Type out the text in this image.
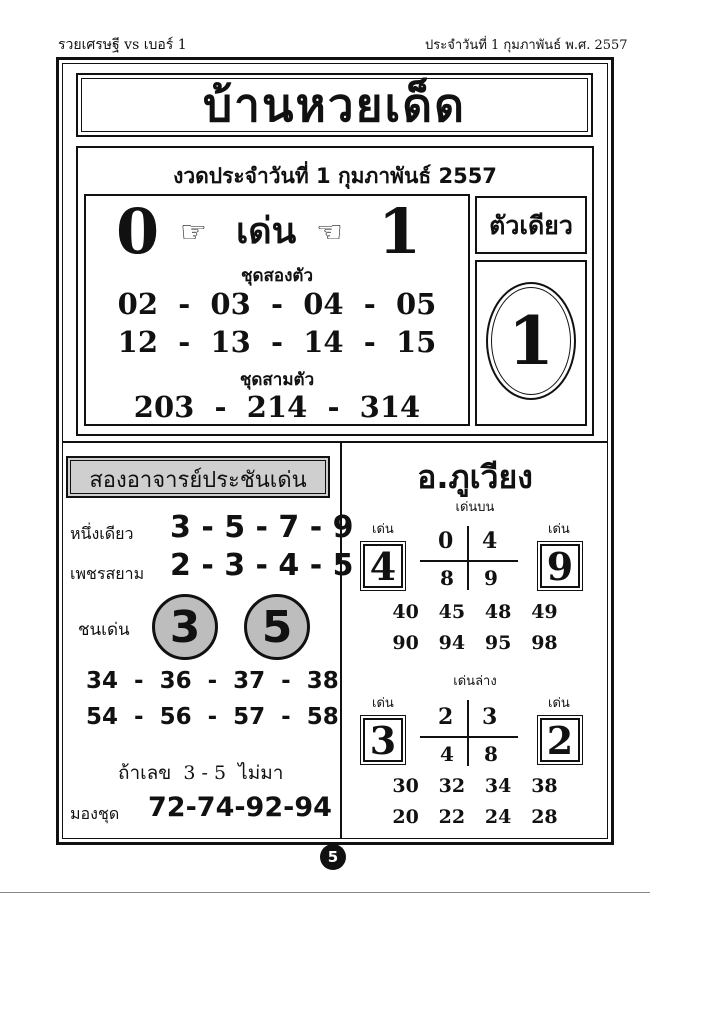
รวยเศรษฐี vs เบอร์ 1	ประจำวันที่ 1 กุมภาพันธ์ พ.ศ. 2557
บ้านหวยเด็ด
งวดประจำวันที่ 1 กุมภาพันธ์ 2557
0 ☞ เด่น ☜ 1
ชุดสองตัว
02  -  03  -  04  -  05
12  -  13  -  14  -  15
ชุดสามตัว
203  -  214  -  314
ตัวเดียว
1
สองอาจารย์ประชันเด่น
หนึ่งเดียว 3 - 5 - 7 - 9
เพชรสยาม 2 - 3 - 4 - 5
ชนเด่น 3 5
34  -  36  -  37  -  38
54  -  56  -  57  -  58
ถ้าเลข  3 - 5  ไม่มา
มองชุด 72-74-92-94
อ.ภูเวียง
เด่นบน
เด่น	เด่น
4	9
0 4
8 9
40   45   48   49
90   94   95   98
เด่นล่าง
เด่น	เด่น
3	2
2 3
4 8
30   32   34   38
20   22   24   28
5
